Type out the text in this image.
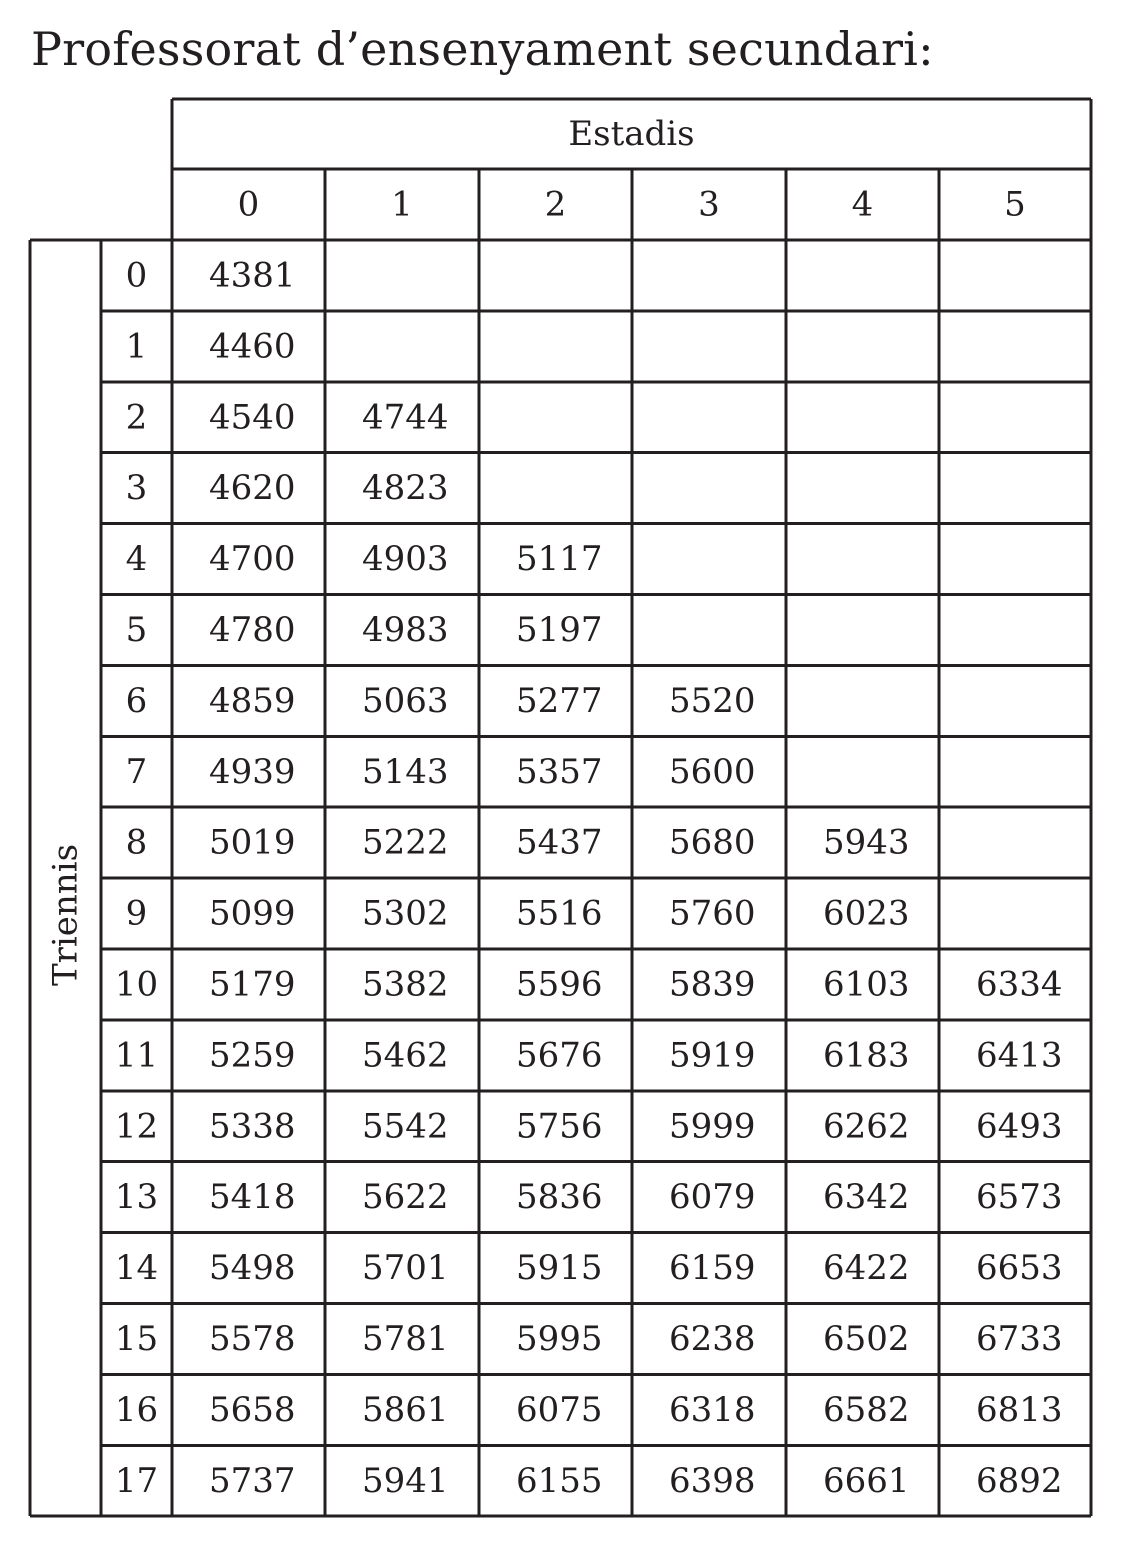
Professorat d’ensenyament secundari:
Estadis
0	1	2	3	4	5
Triennis
0 4381
1 4460
2 4540 4744
3 4620 4823
4 4700 4903 5117
5 4780 4983 5197
6 4859 5063 5277 5520
7 4939 5143 5357 5600
8 5019 5222 5437 5680 5943
9 5099 5302 5516 5760 6023
10 5179 5382 5596 5839 6103 6334
11 5259 5462 5676 5919 6183 6413
12 5338 5542 5756 5999 6262 6493
13 5418 5622 5836 6079 6342 6573
14 5498 5701 5915 6159 6422 6653
15 5578 5781 5995 6238 6502 6733
16 5658 5861 6075 6318 6582 6813
17 5737 5941 6155 6398 6661 6892
